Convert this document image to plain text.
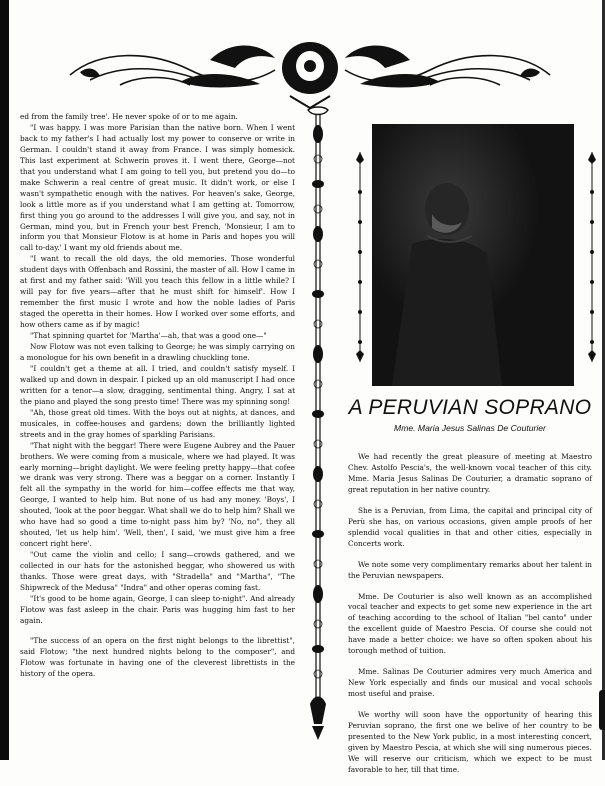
ed from the family tree'. He never spoke of or to me again.

"I was happy. I was more Parisian than the native born. When I went back to my father's I had actually lost my power to conserve or write in German. I couldn't stand it away from France. I was simply homesick. This last experiment at Schwerin proves it. I went there, George—not that you understand what I am going to tell you, but pretend you do—to make Schwerin a real centre of great music. It didn't work, or else I wasn't sympathetic enough with the natives. For heaven's sake, George, look a little more as if you understand what I am getting at. Tomorrow, first thing you go around to the addresses I will give you, and say, not in German, mind you, but in French your best French, 'Monsieur, I am to inform you that Monsieur Flotow is at home in Paris and hopes you will call to-day.' I want my old friends about me.

"I want to recall the old days, the old memories. Those wonderful student days with Offenbach and Rossini, the master of all. How I came in at first and my father said: 'Will you teach this fellow in a little while? I will pay for five years—after that he must shift for himself'. How I remember the first music I wrote and how the noble ladies of Paris staged the operetta in their homes. How I worked over some efforts, and how others came as if by magic!

"That spinning quartet for 'Martha'—ah, that was a good one—"

Now Flotow was not even talking to George; he was simply carrying on a monologue for his own benefit in a drawling chuckling tone.

"I couldn't get a theme at all. I tried, and couldn't satisfy myself. I walked up and down in despair. I picked up an old manuscript I had once written for a tenor—a slow, dragging, sentimental thing. Angry, I sat at the piano and played the song presto time! There was my spinning song!

"Ah, those great old times. With the boys out at nights, at dances, and musicales, in coffee-houses and gardens; down the brilliantly lighted streets and in the gray homes of sparkling Parisians.

"That night with the beggar! There were Eugene Aubrey and the Pauer brothers. We were coming from a musicale, where we had played. It was early morning—bright daylight. We were feeling pretty happy—that cofee we drank was very strong. There was a beggar on a corner. Instantly I felt all the sympathy in the world for him—coffee effects me that way, George, I wanted to help him. But none of us had any money. 'Boys', I shouted, 'look at the poor beggar. What shall we do to help him? Shall we who have had so good a time to-night pass him by? 'No, no", they all shouted, 'let us help him'. 'Well, then', I said, 'we must give him a free concert right here'.

"Out came the violin and cello; I sang—crowds gathered, and we collected in our hats for the astonished beggar, who showered us with thanks. Those were great days, with "Stradella" and "Martha", "The Shipwreck of the Medusa" "Indra" and other operas coming fast.

"It's good to be home again, George, I can sleep to-night". And already Flotow was fast asleep in the chair. Paris was hugging him fast to her again.

"The success of an opera on the first night belongs to the librettist", said Flotow; "the next hundred nights belong to the composer", and Flotow was fortunate in having one of the cleverest librettists in the history of the opera.

A PERUVIAN SOPRANO
Mme. Maria Jesus Salinas De Couturier

We had recently the great pleasure of meeting at Maestro Chev. Astolfo Pescia's, the well-known vocal teacher of this city. Mme. Maria Jesus Salinas De Couturier, a dramatic soprano of great reputation in her native country.

She is a Peruvian, from Lima, the capital and principal city of Perù she has, on various occasions, given ample proofs of her splendid vocal qualities in that and other cities, especially in Concerts work.

We note some very complimentary remarks about her talent in the Peruvian newspapers.

Mme. De Couturier is also well known as an accomplished vocal teacher and expects to get some new experience in the art of teaching according to the school of Italian "bel canto" under the excellent guide of Maestro Pescia. Of course she could not have made a better choice: we have so often spoken about his torough method of tuition.

Mme. Salinas De Couturier admires very much America and New York especially and finds our musical and vocal schools most useful and praise.

We worthy will soon have the opportunity of hearing this Peruvian soprano, the first one we belive of her country to be presented to the New York public, in a most interesting concert, given by Maestro Pescia, at which she will sing numerous pieces. We will reserve our criticism, which we expect to be must favorable to her, till that time.
